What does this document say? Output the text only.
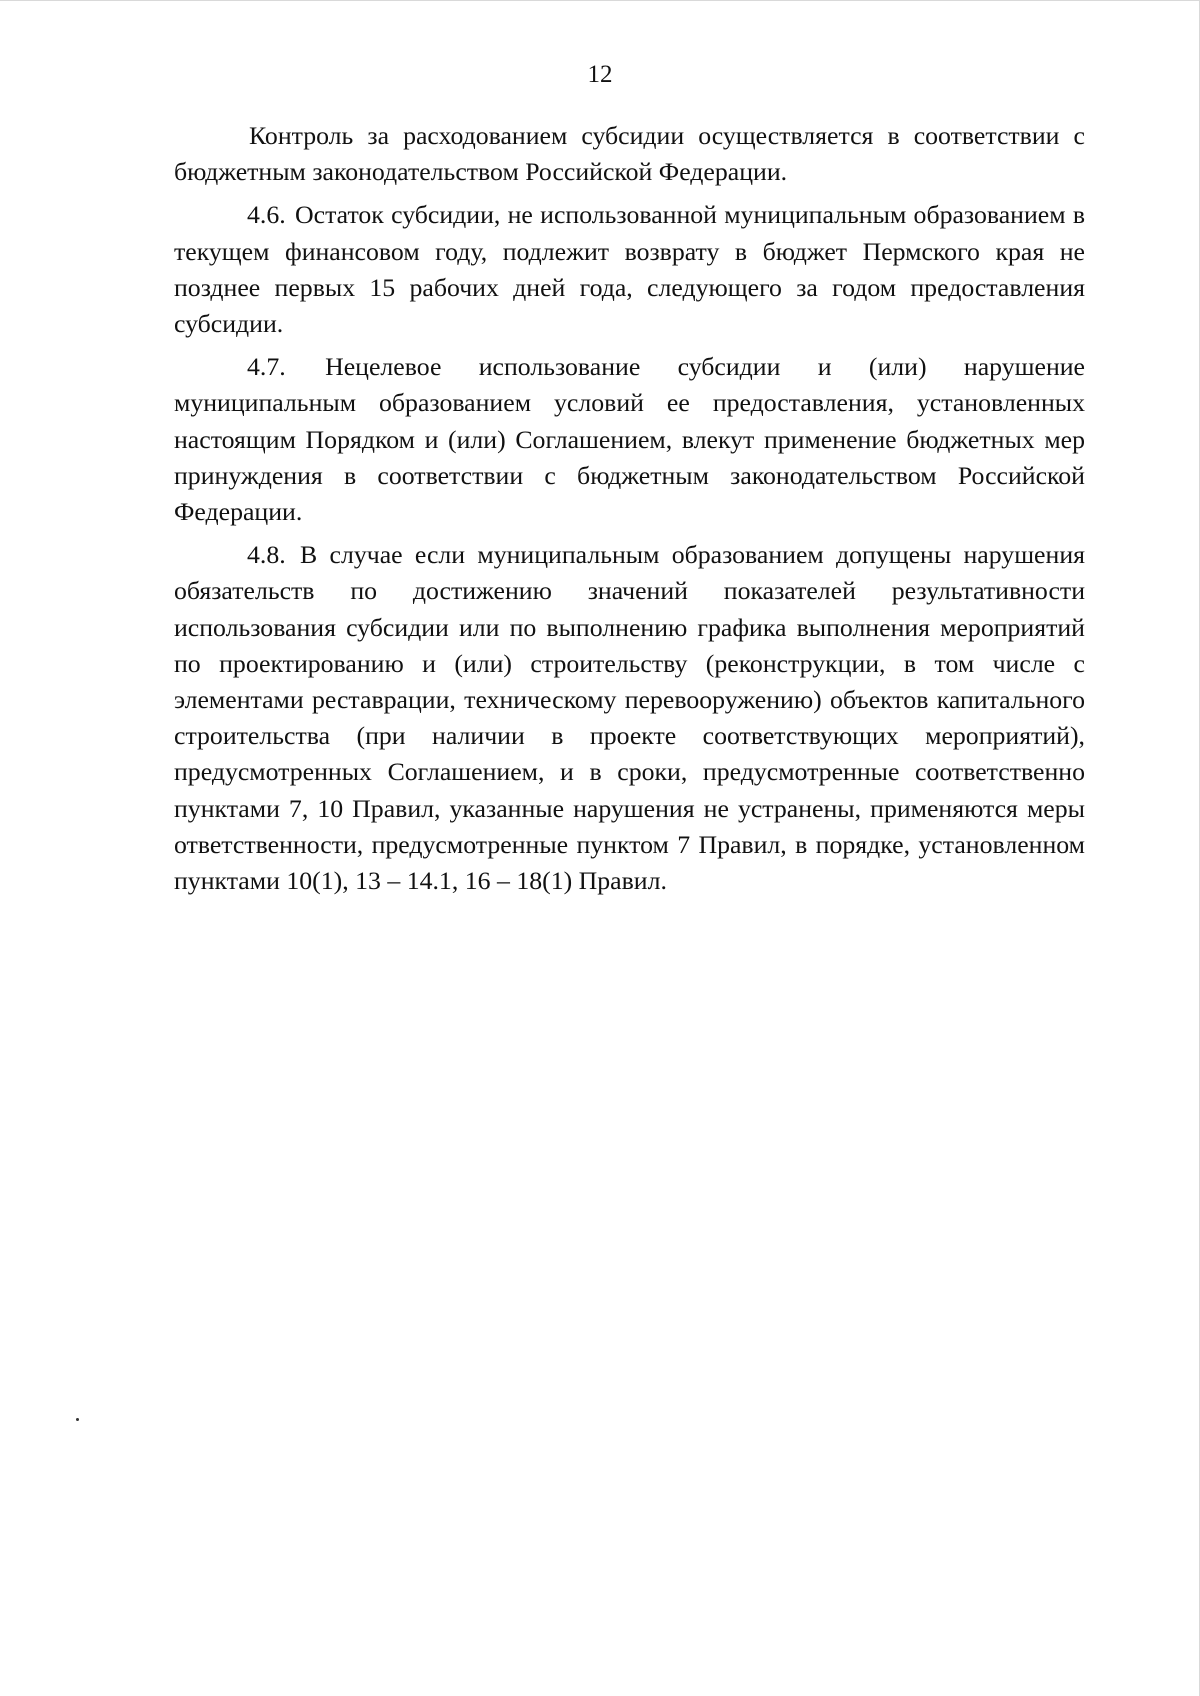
12

Контроль за расходованием субсидии осуществляется в соответствии с бюджетным законодательством Российской Федерации.

4.6. Остаток субсидии, не использованной муниципальным образованием в текущем финансовом году, подлежит возврату в бюджет Пермского края не позднее первых 15 рабочих дней года, следующего за годом предоставления субсидии.

4.7. Нецелевое использование субсидии и (или) нарушение муниципальным образованием условий ее предоставления, установленных настоящим Порядком и (или) Соглашением, влекут применение бюджетных мер принуждения в соответствии с бюджетным законодательством Российской Федерации.

4.8. В случае если муниципальным образованием допущены нарушения обязательств по достижению значений показателей результативности использования субсидии или по выполнению графика выполнения мероприятий по проектированию и (или) строительству (реконструкции, в том числе с элементами реставрации, техническому перевооружению) объектов капитального строительства (при наличии в проекте соответствующих мероприятий), предусмотренных Соглашением, и в сроки, предусмотренные соответственно пунктами 7, 10 Правил, указанные нарушения не устранены, применяются меры ответственности, предусмотренные пунктом 7 Правил, в порядке, установленном пунктами 10(1), 13 – 14.1, 16 – 18(1) Правил.
